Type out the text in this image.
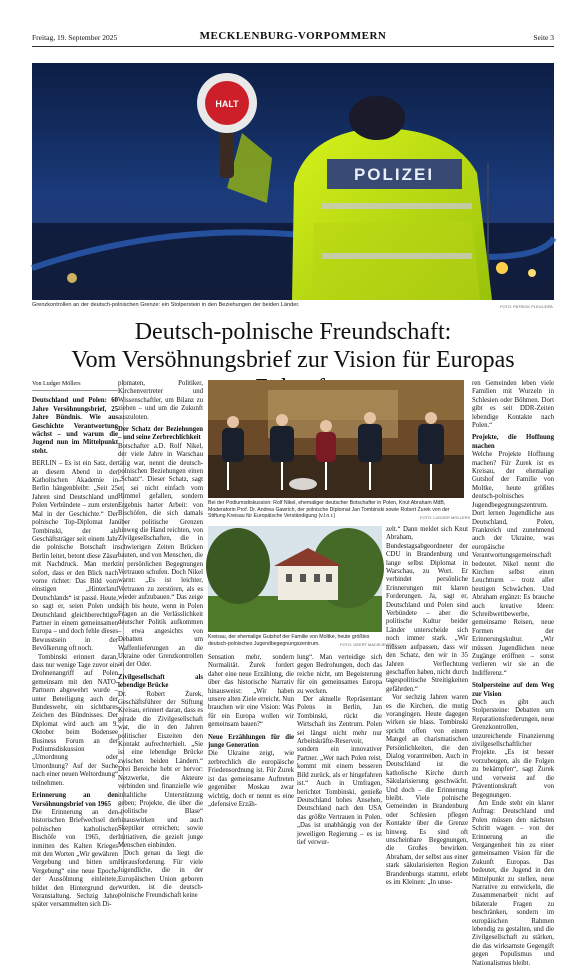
Freitag, 19. September 2025	MECKLENBURG-VORPOMMERN	Seite 3
HALT
POLIZEI
Grenzkontrollen an der deutsch-polnischen Grenze: ein Stolperstein in den Beziehungen der beiden Länder.	FOTO: PATRICK PLEUL/DPA
Deutsch-polnische Freundschaft:
Vom Versöhnungsbrief zur Vision für Europas
Von Ludger Möllers

Deutschland und Polen: 60 Jahre Versöhnungsbrief, 25 Jahre Bündnis. Wie aus Geschichte Verantwortung wächst – und warum die Jugend nun im Mittelpunkt steht.

BERLIN – Es ist ein Satz, der an diesem Abend in der Katholischen Akademie in Berlin hängenbleibt: „Seit 25 Jahren sind Deutschland und Polen Verbündete – zum ersten Mal in der Geschichte.“ Der polnische Top-Diplomat Jan Tombinski, der als Geschäftsträger seit einem Jahr die polnische Botschaft in Berlin leitet, betont diese Zäsur mit Nachdruck. Man merkt sofort, dass er den Blick nach vorne richtet: Das Bild vom einstigen „Hinterland Deutschlands“ ist passé. Heute, so sagt er, seien Polen und Deutschland gleichberechtigte Partner in einem gemeinsamen Europa – und doch fehle dieses Bewusstsein in der Bevölkerung oft noch.

Tombinski erinnert daran, dass nur wenige Tage zuvor ein Drohnenangriff auf Polen gemeinsam mit den NATO-Partnern abgewehrt wurde – unter Beteiligung auch der Bundeswehr, ein sichtbares Zeichen des Bündnisses. Der Diplomat wird auch am 9. Oktober beim Bodensee Business Forum an der Podiumsdiskussion „Umordnung oder Umordnung? Auf der Suche nach einer neuen Weltordnung“ teilnehmen.

Erinnerung an den Versöhnungsbrief von 1965

Die Erinnerung an den historischen Briefwechsel der polnischen katholischen Bischöfe von 1965, der inmitten des Kalten Krieges mit den Worten „Wir gewähren Vergebung und bitten um Vergebung“ eine neue Epoche der Aussöhnung einleitete, bildet den Hintergrund der Veranstaltung. Sechzig Jahre später versammelten sich Di-

plomaten, Politiker, Kirchenvertreter und Wissenschaftler, um Bilanz zu ziehen – und um die Zukunft auszuloten.

Der Schatz der Beziehungen – und seine Zerbrechlichkeit

Botschafter a.D. Rolf Nikel, der viele Jahre in Warschau tätig war, nennt die deutsch-polnischen Beziehungen einen „Schatz“. Dieser Schatz, sagt er, sei nicht einfach vom Himmel gefallen, sondern Ergebnis harter Arbeit: von Bischöfen, die sich damals über politische Grenzen hinweg die Hand reichten, von Zivilgesellschaften, die in schwierigen Zeiten Brücken bauten, und von Menschen, die in persönlichen Begegnungen Vertrauen schufen. Doch Nikel warnt: „Es ist leichter, Vertrauen zu zerstören, als es wieder aufzubauen.“ Das zeige sich bis heute, wenn in Polen Fragen an die Verlässlichkeit deutscher Politik aufkommen – etwa angesichts von Debatten um Waffenlieferungen an die Ukraine oder Grenzkontrollen an der Oder.

Zivilgesellschaft als lebendige Brücke

Dr. Robert Żurek, Geschäftsführer der Stiftung Kreisau, erinnert daran, dass es gerade die Zivilgesellschaft war, die in den Jahren politischer Eiszeiten den Kontakt aufrechterhielt. „Sie ist eine lebendige Brücke zwischen beiden Ländern.“ Drei Bereiche hebt er hervor: Netzwerke, die Akteure verbinden und finanzielle wie inhaltliche Unterstützung geben; Projekte, die über die „politische Blase“ hinauswirken und auch Skeptiker erreichen; sowie Initiativen, die gezielt junge Menschen einbinden.

Doch genau da liegt die Herausforderung. Für viele Jugendliche, die in der Europäischen Union geboren wurden, ist die deutsch-polnische Freundschaft keine

Bei der Podiumsdiskussion: Rolf Nikel, ehemaliger deutscher Botschafter in Polen, Knut Abraham MdB, Moderatorin Prof. Dr. Andrea Gawrich, der polnische Diplomat Jan Tombinski sowie Robert Żurek von der Stiftung Kreisau für Europäische Verständigung (v.l.n.r.)	FOTO: LUDGER MÖLLERS
Kreisau, der ehemalige Gutshof der Familie von Moltke, heute größtes deutsch-polnisches Jugendbegegnungszentrum.	FOTO: GEERT MACIEJEWSKI

Sensation mehr, sondern Normalität. Żurek fordert daher eine neue Erzählung, die über das historische Narrativ hinausweist: „Wir haben unsere alten Ziele erreicht. Nun brauchen wir eine Vision: Was für ein Europa wollen wir gemeinsam bauen?“

Neue Erzählungen für die junge Generation

Die Ukraine zeigt, wie zerbrechlich die europäische Friedensordnung ist. Für Żurek ist das gemeinsame Auftreten gegenüber Moskau zwar wichtig, doch er nennt es eine „defensive Erzäh-

lung“. Man verteidige sich gegen Bedrohungen, doch das reiche nicht, um Begeisterung für ein gemeinsames Europa zu wecken.

Der aktuelle Repräsentant Polens in Berlin, Jan Tombinski, rückt die Wirtschaft ins Zentrum. Polen sei längst nicht mehr nur Arbeitskräfte-Reservoir, sondern ein innovativer Partner. „Wer nach Polen reist, kommt mit einem besseren Bild zurück, als er hingefahren ist.“ Auch in Umfragen, berichtet Tombinski, genieße Deutschland hohes Ansehen, Deutschland nach den USA das größte Vertrauen in Polen. „Das ist unabhängig von der jeweiligen Regierung – es ist tief verwur-

zelt.“ Dann meldet sich Knut Abraham, Bundestagsabgeordneter der CDU in Brandenburg und lange selbst Diplomat in Warschau, zu Wort. Er verbindet persönliche Erinnerungen mit klaren Forderungen. Ja, sagt er, Deutschland und Polen sind Verbündete – aber die politische Kultur beider Länder unterscheide sich noch immer stark. „Wir müssen aufpassen, dass wir den Schatz, den wir in 35 Jahren Verflechtung geschaffen haben, nicht durch tagespolitische Streitigkeiten gefährden.“

Vor sechzig Jahren waren es die Kirchen, die mutig vorangingen. Heute dagegen wirken sie blass. Tombinski spricht offen von einem Mangel an charismatischen Persönlichkeiten, die den Dialog vorantreiben. Auch in Deutschland ist die katholische Kirche durch Säkularisierung geschwächt. Und doch – die Erinnerung bleibt. Viele polnische Gemeinden in Brandenburg oder Schlesien pflegen Kontakte über die Grenze hinweg. Es sind oft unscheinbare Begegnungen, die Großes bewirken. Abraham, der selbst aus einer stark säkularisierten Region Brandenburgs stammt, erlebt es im Kleinen: „In unse-

ren Gemeinden leben viele Familien mit Wurzeln in Schlesien oder Böhmen. Dort gibt es seit DDR-Zeiten lebendige Kontakte nach Polen.“

Projekte, die Hoffnung machen

Welche Projekte Hoffnung machen? Für Żurek ist es Kreisau, der ehemalige Gutshof der Familie von Moltke, heute größtes deutsch-polnisches Jugendbegegnungszentrum. Dort lernen Jugendliche aus Deutschland, Polen, Frankreich und zunehmend auch der Ukraine, was europäische Verantwortungsgemeinschaft bedeutet. Nikel nennt die Kirchen selbst einen Leuchtturm – trotz aller heutigen Schwächen. Und Abraham ergänzt: Es brauche auch kreative Ideen: Schreibwettbewerbe, gemeinsame Reisen, neue Formen der Erinnerungskultur. „Wir müssen Jugendlichen neue Zugänge eröffnen – sonst verlieren wir sie an die Indifferenz.“

Stolpersteine auf dem Weg zur Vision

Doch es gibt auch Stolpersteine: Debatten um Reparationsforderungen, neue Grenzkontrollen, unzureichende Finanzierung zivilgesellschaftlicher Projekte. „Es ist besser vorzubeugen, als die Folgen zu bekämpfen“, sagt Żurek und verweist auf die Präventionskraft von Begegnungen.

Am Ende steht ein klarer Auftrag: Deutschland und Polen müssen den nächsten Schritt wagen – von der Erinnerung an die Vergangenheit hin zu einer gemeinsamen Vision für die Zukunft Europas. Das bedeutet, die Jugend in den Mittelpunkt zu stellen, neue Narrative zu entwickeln, die Zusammenarbeit nicht auf bilaterale Fragen zu beschränken, sondern im europäischen Rahmen lebendig zu gestalten, und die Zivilgesellschaft zu stärken, die das wirksamste Gegengift gegen Populismus und Nationalismus bleibt.
